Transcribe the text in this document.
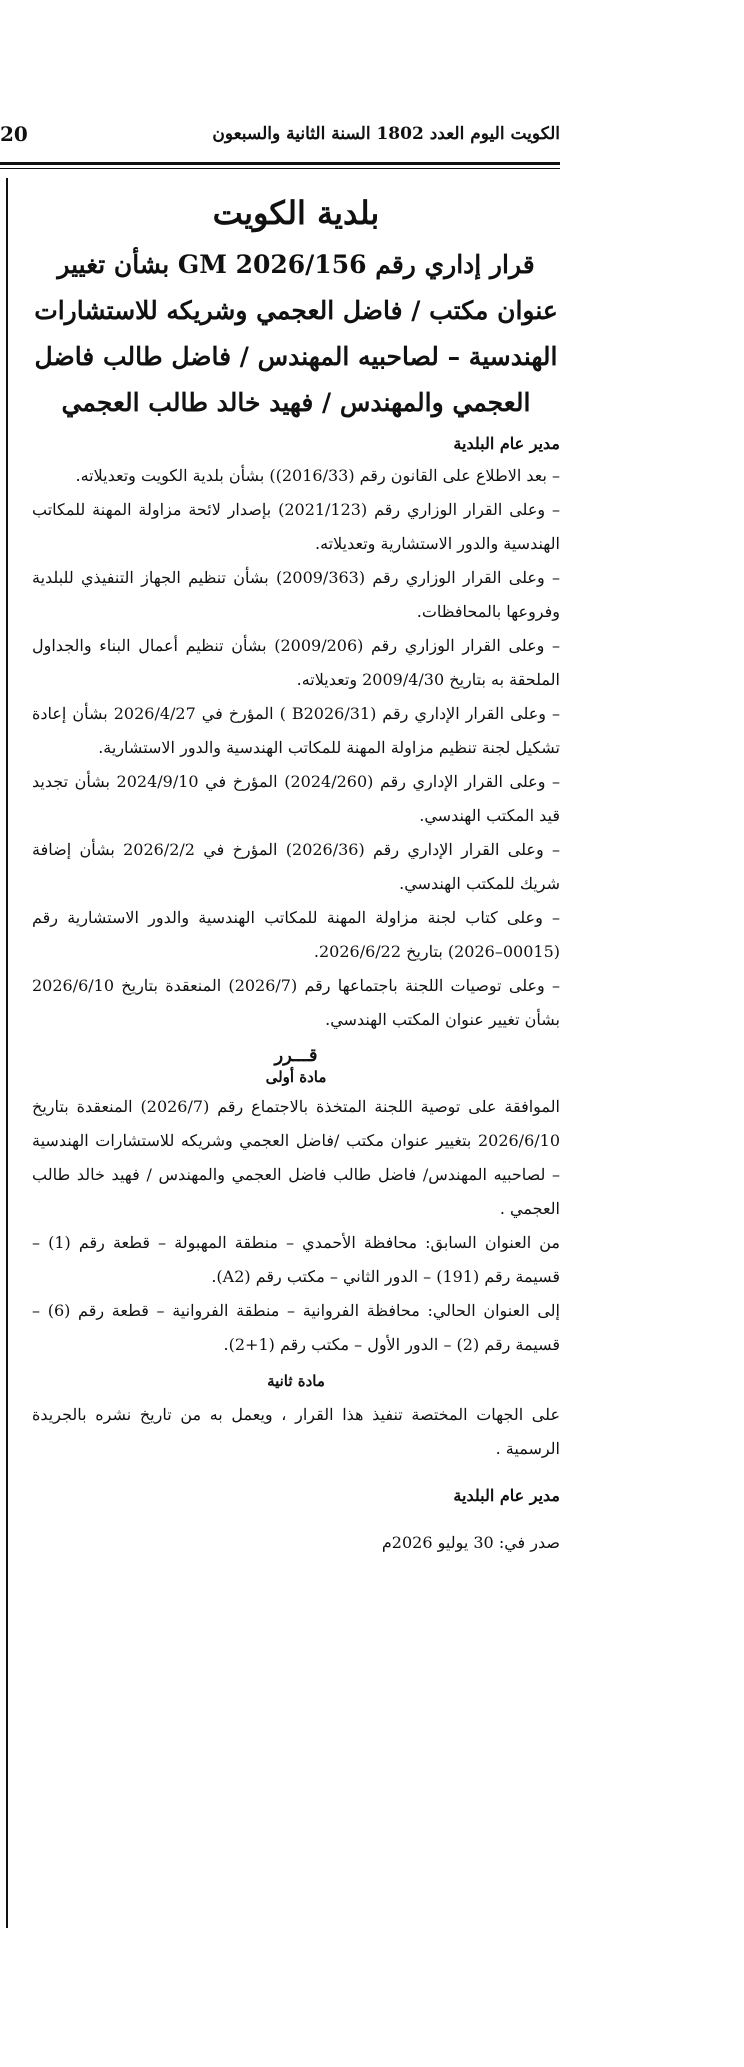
20	الكويت اليوم العدد 1802 السنة الثانية والسبعون
بلدية الكويت
قرار إداري رقم GM 2026/156 بشأن تغيير عنوان مكتب / فاضل العجمي وشريكه للاستشارات الهندسية – لصاحبيه المهندس / فاضل طالب فاضل العجمي والمهندس / فهيد خالد طالب العجمي
مدير عام البلدية

– بعد الاطلاع على القانون رقم (2016/33)) بشأن بلدية الكويت وتعديلاته.

– وعلى القرار الوزاري رقم (2021/123) بإصدار لائحة مزاولة المهنة للمكاتب الهندسية والدور الاستشارية وتعديلاته.

– وعلى القرار الوزاري رقم (2009/363) بشأن تنظيم الجهاز التنفيذي للبلدية وفروعها بالمحافظات.

– وعلى القرار الوزاري رقم (2009/206) بشأن تنظيم أعمال البناء والجداول الملحقة به بتاريخ 2009/4/30 وتعديلاته.

– وعلى القرار الإداري رقم (B2026/31 ) المؤرخ في 2026/4/27 بشأن إعادة تشكيل لجنة تنظيم مزاولة المهنة للمكاتب الهندسية والدور الاستشارية.

– وعلى القرار الإداري رقم (2024/260) المؤرخ في 2024/9/10 بشأن تجديد قيد المكتب الهندسي.

– وعلى القرار الإداري رقم (2026/36) المؤرخ في 2026/2/2 بشأن إضافة شريك للمكتب الهندسي.

– وعلى كتاب لجنة مزاولة المهنة للمكاتب الهندسية والدور الاستشارية رقم (00015–2026) بتاريخ 2026/6/22.

– وعلى توصيات اللجنة باجتماعها رقم (2026/7) المنعقدة بتاريخ 2026/6/10 بشأن تغيير عنوان المكتب الهندسي.

قـــرر
مادة أولى

الموافقة على توصية اللجنة المتخذة بالاجتماع رقم (2026/7) المنعقدة بتاريخ 2026/6/10 بتغيير عنوان مكتب /فاضل العجمي وشريكه للاستشارات الهندسية – لصاحبيه المهندس/ فاضل طالب فاضل العجمي والمهندس / فهيد خالد طالب العجمي .

من العنوان السابق: محافظة الأحمدي – منطقة المهبولة – قطعة رقم (1) – قسيمة رقم (191) – الدور الثاني – مكتب رقم (A2).

إلى العنوان الحالي: محافظة الفروانية – منطقة الفروانية – قطعة رقم (6) – قسيمة رقم (2) – الدور الأول – مكتب رقم (1+2).

مادة ثانية

على الجهات المختصة تنفيذ هذا القرار ، ويعمل به من تاريخ نشره بالجريدة الرسمية .

مدير عام البلدية
صدر في: 30 يوليو 2026م
